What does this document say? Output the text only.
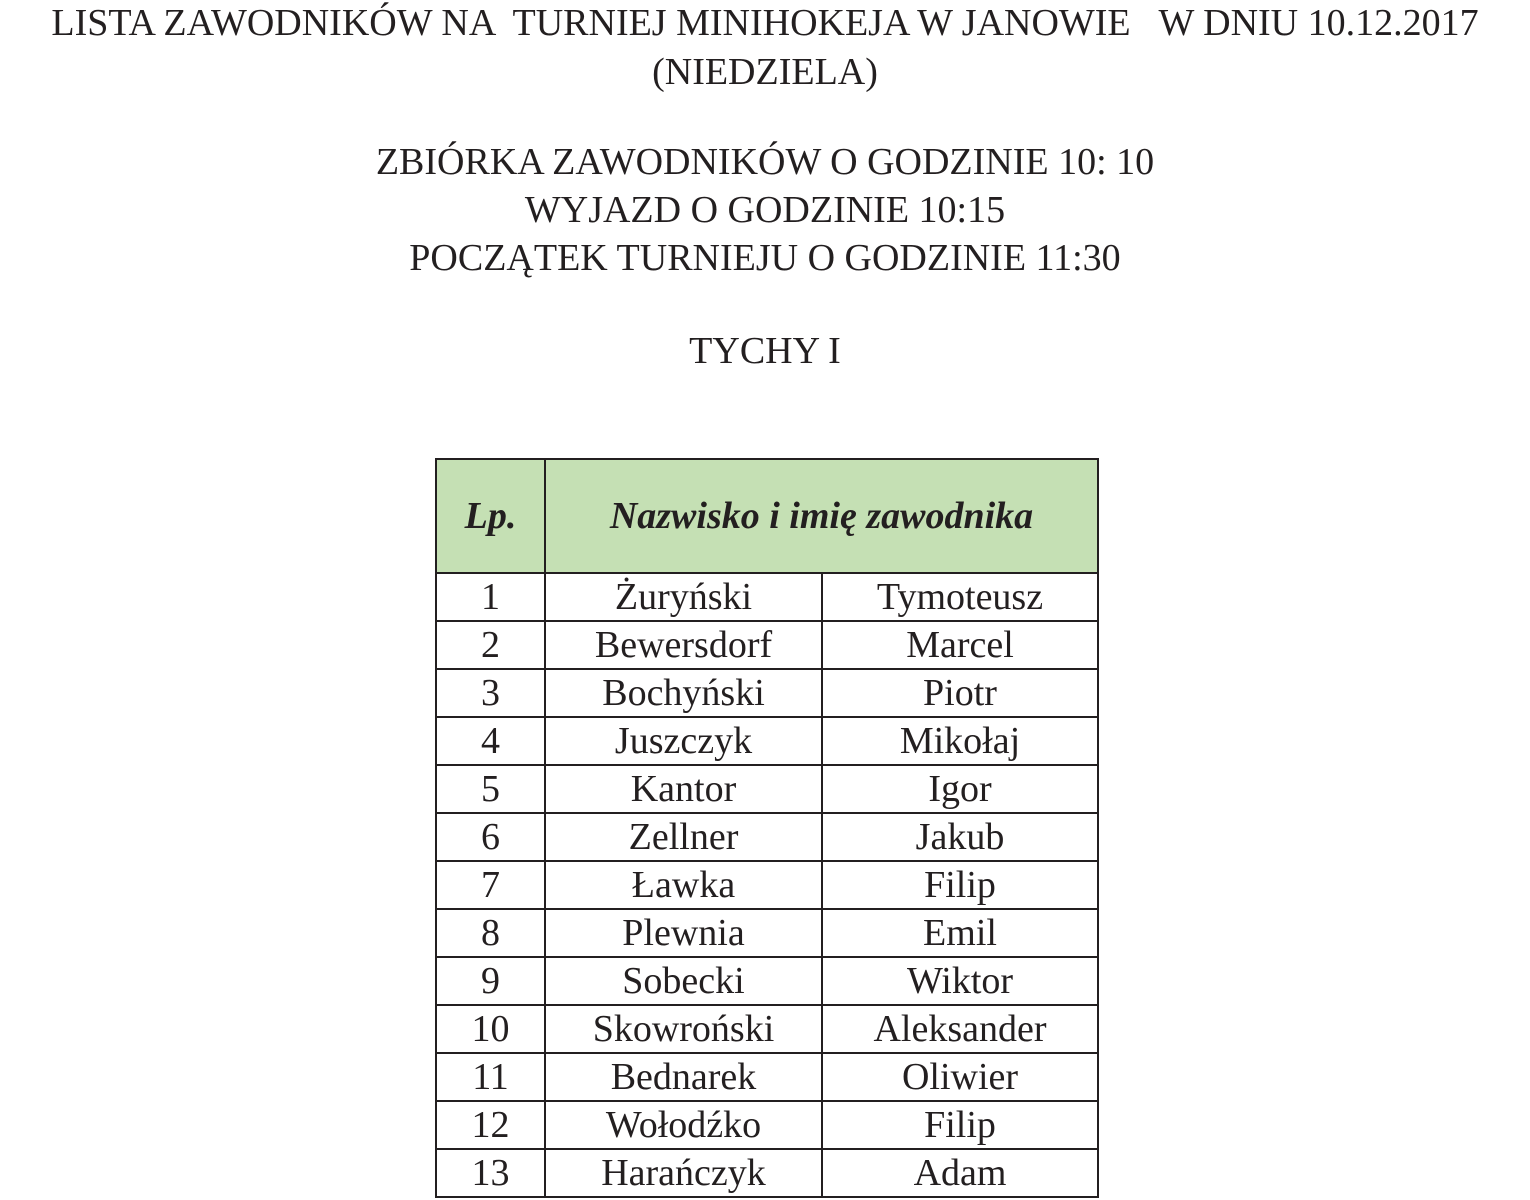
LISTA ZAWODNIKÓW NA  TURNIEJ MINIHOKEJA W JANOWIE   W DNIU 10.12.2017
(NIEDZIELA)
ZBIÓRKA ZAWODNIKÓW O GODZINIE 10: 10
WYJAZD O GODZINIE 10:15
POCZĄTEK TURNIEJU O GODZINIE 11:30
TYCHY I
Lp.	Nazwisko i imię zawodnika	
1	Żuryński	Tymoteusz
2	Bewersdorf	Marcel
3	Bochyński	Piotr
4	Juszczyk	Mikołaj
5	Kantor	Igor
6	Zellner	Jakub
7	Ławka	Filip
8	Plewnia	Emil
9	Sobecki	Wiktor
10	Skowroński	Aleksander
11	Bednarek	Oliwier
12	Wołodźko	Filip
13	Harańczyk	Adam
